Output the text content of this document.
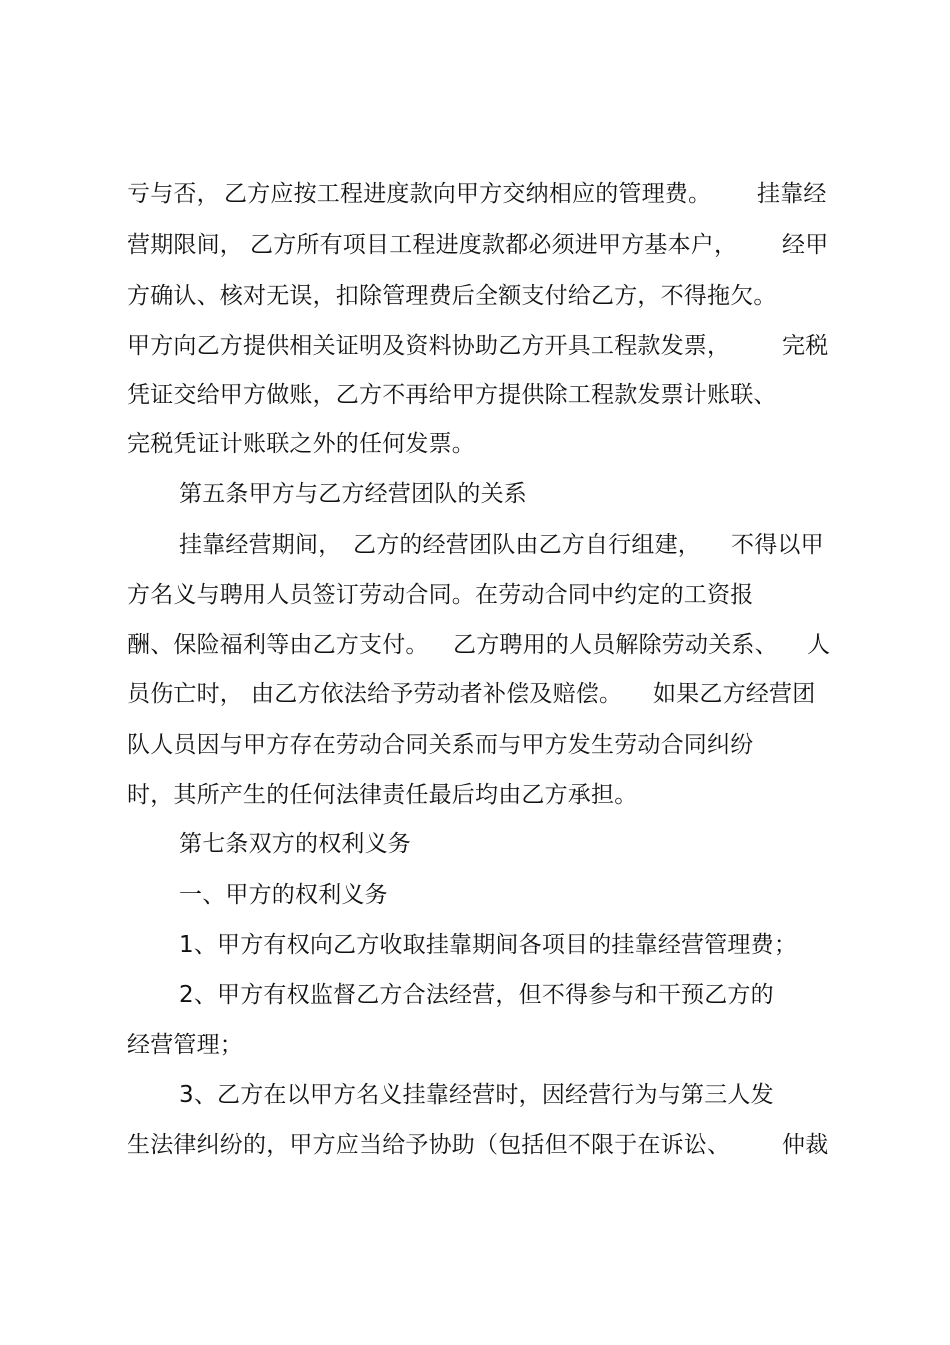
亏与否， 乙方应按工程进度款向甲方交纳相应的管理费。 挂靠经
营期限间， 乙方所有项目工程进度款都必须进甲方基本户， 经甲
方确认、核对无误，扣除管理费后全额支付给乙方，不得拖欠。
甲方向乙方提供相关证明及资料协助乙方开具工程款发票， 完税
凭证交给甲方做账，乙方不再给甲方提供除工程款发票计账联、
完税凭证计账联之外的任何发票。
第五条甲方与乙方经营团队的关系
挂靠经营期间， 乙方的经营团队由乙方自行组建， 不得以甲
方名义与聘用人员签订劳动合同。在劳动合同中约定的工资报
酬、保险福利等由乙方支付。 乙方聘用的人员解除劳动关系、 人
员伤亡时， 由乙方依法给予劳动者补偿及赔偿。 如果乙方经营团
队人员因与甲方存在劳动合同关系而与甲方发生劳动合同纠纷
时，其所产生的任何法律责任最后均由乙方承担。
第七条双方的权利义务
一、甲方的权利义务
1、甲方有权向乙方收取挂靠期间各项目的挂靠经营管理费；
2、甲方有权监督乙方合法经营，但不得参与和干预乙方的
经营管理；
3、乙方在以甲方名义挂靠经营时，因经营行为与第三人发
生法律纠纷的，甲方应当给予协助（包括但不限于在诉讼、 仲裁
